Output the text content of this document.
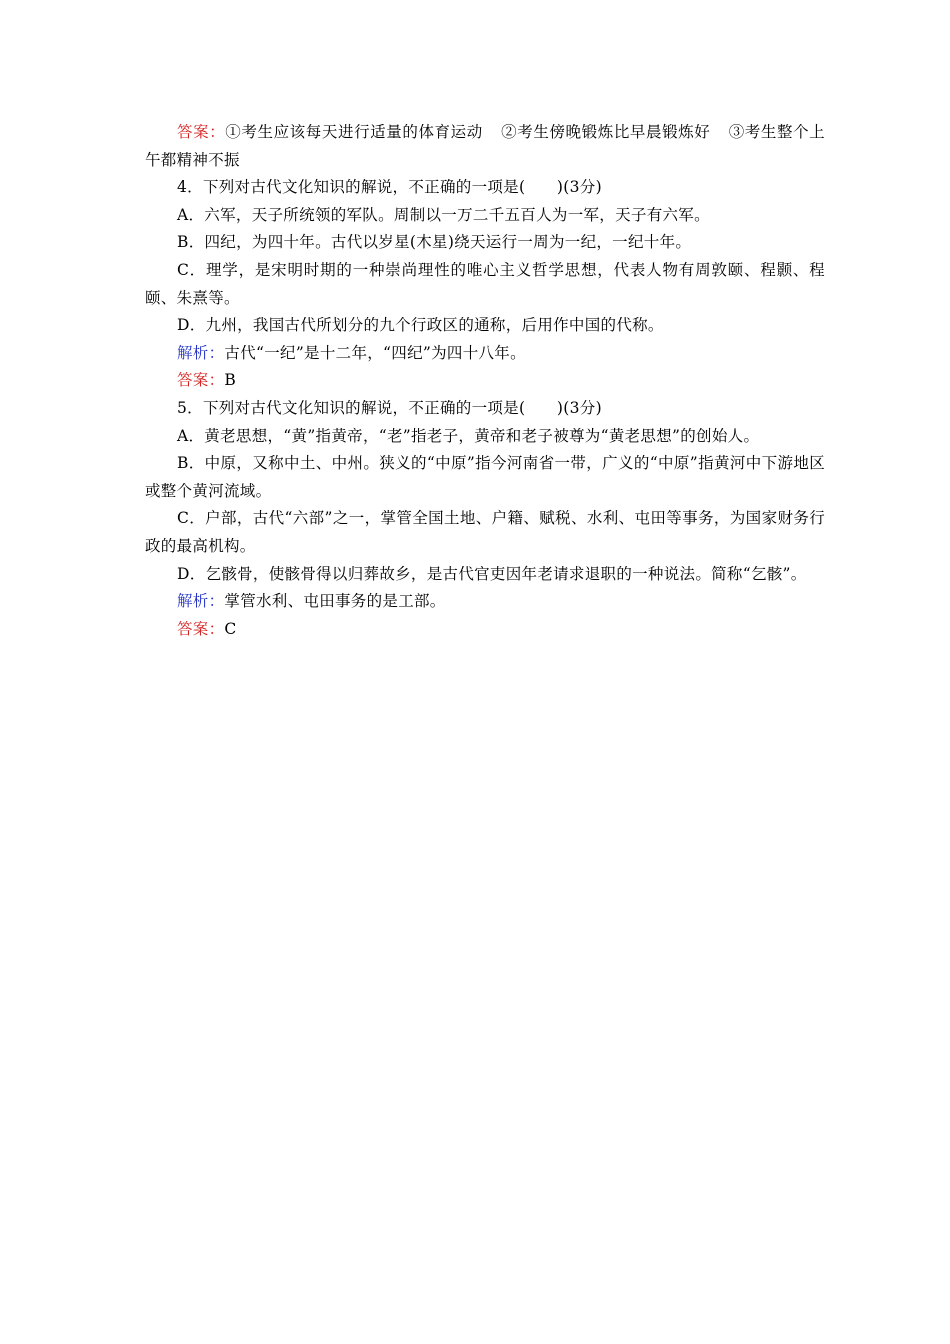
答案：①考生应该每天进行适量的体育运动 ②考生傍晚锻炼比早晨锻炼好 ③考生整个上午都精神不振

4．下列对古代文化知识的解说，不正确的一项是(　　)(3分)

A．六军，天子所统领的军队。周制以一万二千五百人为一军，天子有六军。

B．四纪，为四十年。古代以岁星(木星)绕天运行一周为一纪，一纪十年。

C．理学，是宋明时期的一种崇尚理性的唯心主义哲学思想，代表人物有周敦颐、程颢、程颐、朱熹等。

D．九州，我国古代所划分的九个行政区的通称，后用作中国的代称。

解析：古代“一纪”是十二年，“四纪”为四十八年。

答案：B

5．下列对古代文化知识的解说，不正确的一项是(　　)(3分)

A．黄老思想，“黄”指黄帝，“老”指老子，黄帝和老子被尊为“黄老思想”的创始人。

B．中原，又称中土、中州。狭义的“中原”指今河南省一带，广义的“中原”指黄河中下游地区或整个黄河流域。

C．户部，古代“六部”之一，掌管全国土地、户籍、赋税、水利、屯田等事务，为国家财务行政的最高机构。

D．乞骸骨，使骸骨得以归葬故乡，是古代官吏因年老请求退职的一种说法。简称“乞骸”。

解析：掌管水利、屯田事务的是工部。

答案：C
